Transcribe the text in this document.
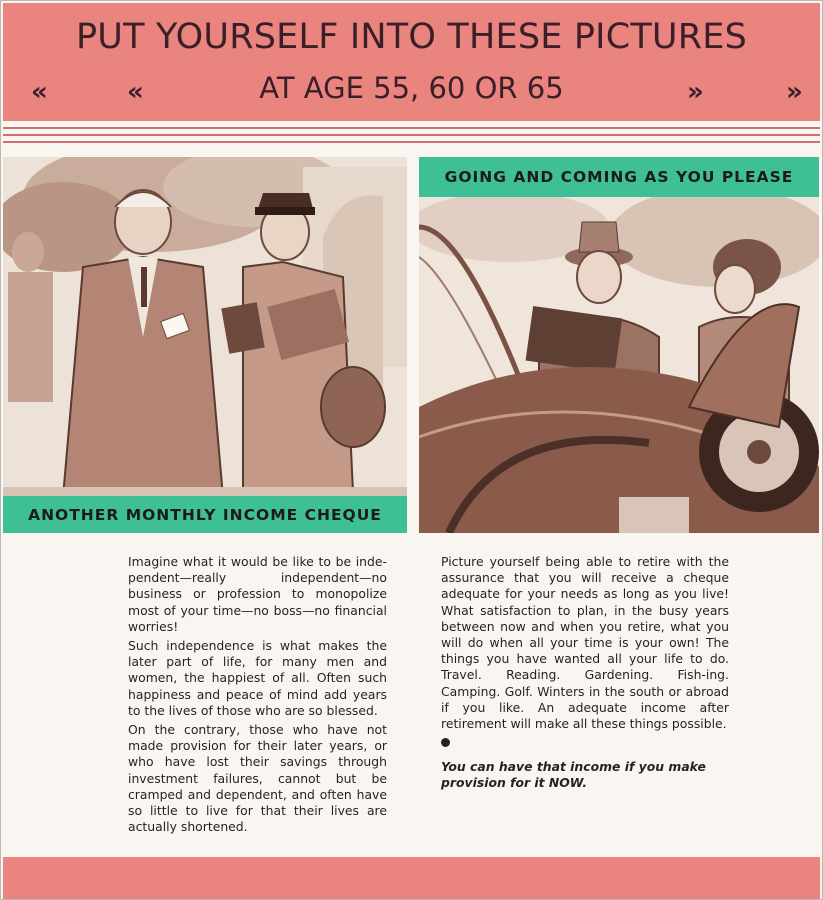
PUT YOURSELF INTO THESE PICTURES
«	«	AT AGE 55, 60 OR 65	»	»
ANOTHER MONTHLY INCOME CHEQUE
GOING AND COMING AS YOU PLEASE

Imagine what it would be like to be inde-pendent—really independent—no business or profession to monopolize most of your time—no boss—no financial worries!

Such independence is what makes the later part of life, for many men and women, the happiest of all. Often such happiness and peace of mind add years to the lives of those who are so blessed.

On the contrary, those who have not made provision for their later years, or who have lost their savings through investment failures, cannot but be cramped and dependent, and often have so little to live for that their lives are actually shortened.

Picture yourself being able to retire with the assurance that you will receive a cheque adequate for your needs as long as you live! What satisfaction to plan, in the busy years between now and when you retire, what you will do when all your time is your own! The things you have wanted all your life to do. Travel. Reading. Gardening. Fish-ing. Camping. Golf. Winters in the south or abroad if you like. An adequate income after retirement will make all these things possible.

You can have that income if you make provision for it NOW.
